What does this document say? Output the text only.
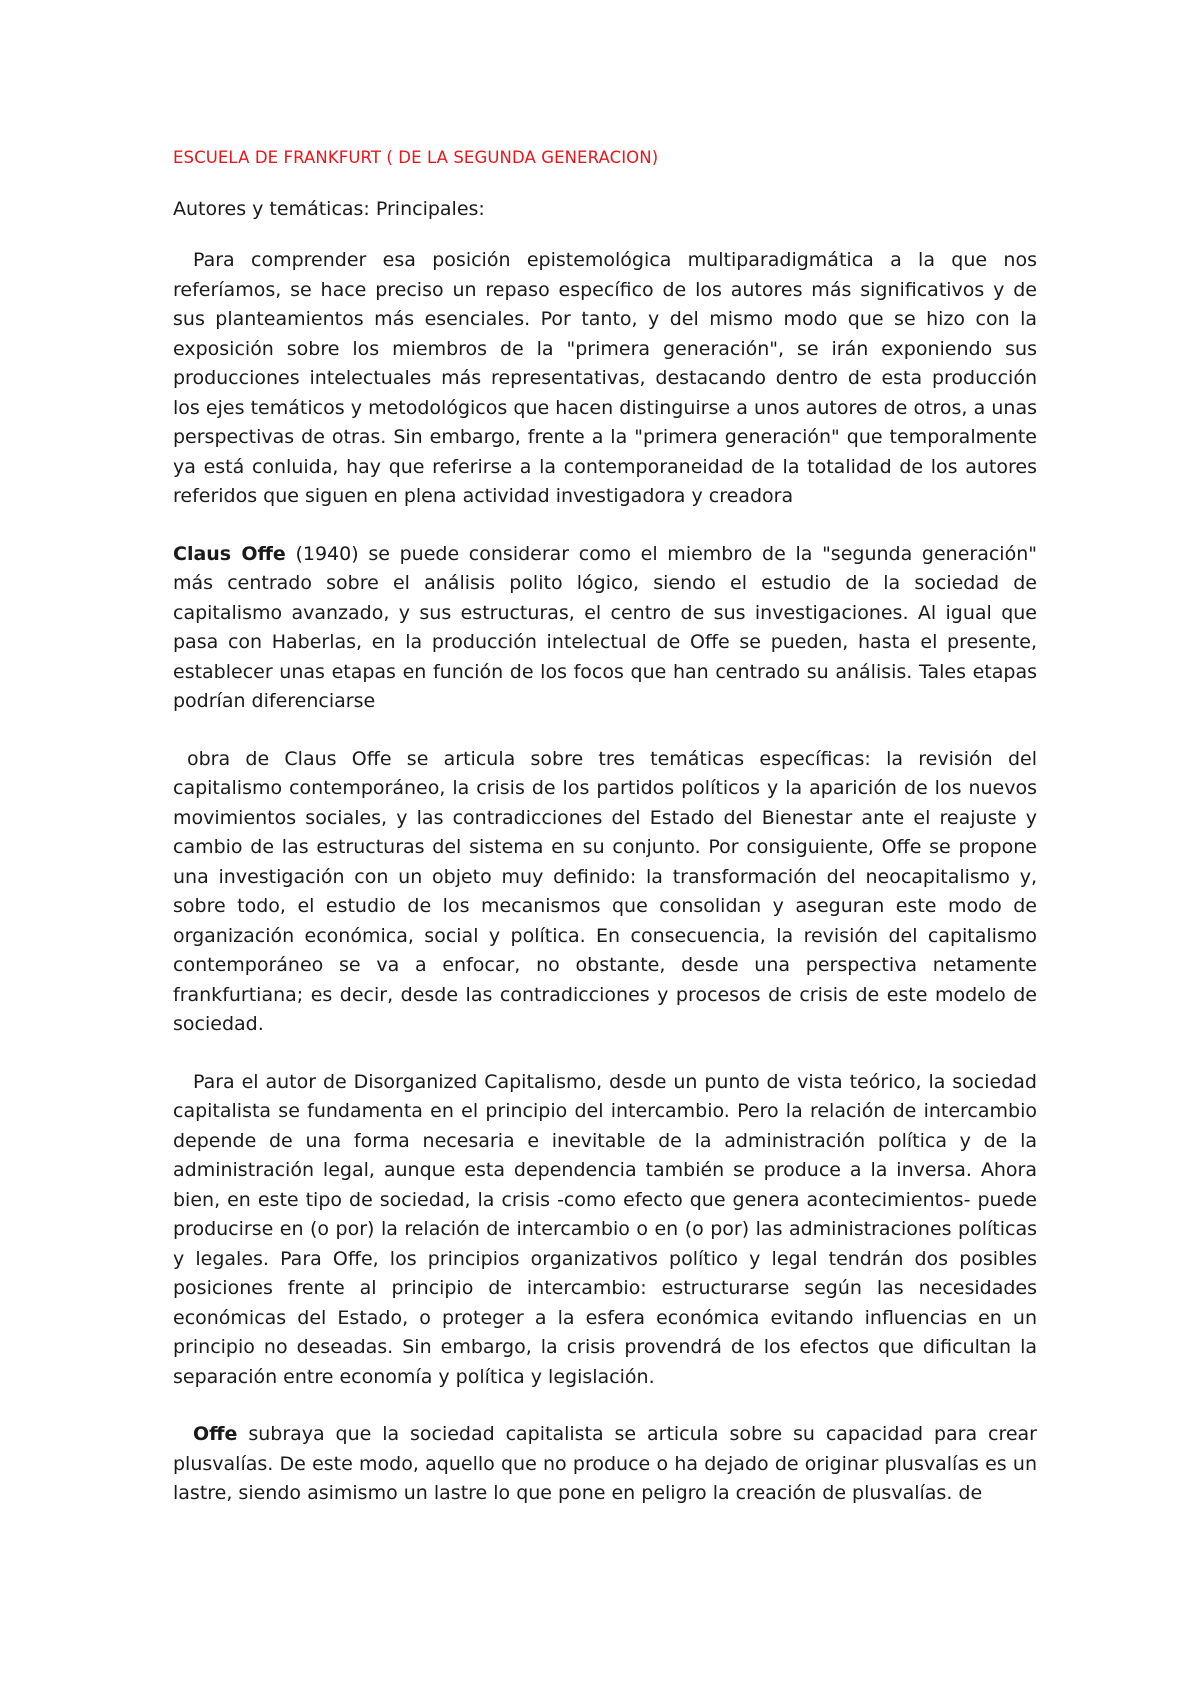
ESCUELA DE FRANKFURT ( DE LA SEGUNDA GENERACION)
Autores y temáticas: Principales:

Para comprender esa posición epistemológica multiparadigmática a la que nos referíamos, se hace preciso un repaso específico de los autores más significativos y de sus planteamientos más esenciales. Por tanto, y del mismo modo que se hizo con la exposición sobre los miembros de la "primera generación", se irán exponiendo sus producciones intelectuales más representativas, destacando dentro de esta producción los ejes temáticos y metodológicos que hacen distinguirse a unos autores de otros, a unas perspectivas de otras. Sin embargo, frente a la "primera generación" que temporalmente ya está conluida, hay que referirse a la contemporaneidad de la totalidad de los autores referidos que siguen en plena actividad investigadora y creadora

Claus Offe (1940) se puede considerar como el miembro de la "segunda generación" más centrado sobre el análisis polito lógico, siendo el estudio de la sociedad de capitalismo avanzado, y sus estructuras, el centro de sus investigaciones. Al igual que pasa con Haberlas, en la producción intelectual de Offe se pueden, hasta el presente, establecer unas etapas en función de los focos que han centrado su análisis. Tales etapas podrían diferenciarse

obra de Claus Offe se articula sobre tres temáticas específicas: la revisión del capitalismo contemporáneo, la crisis de los partidos políticos y la aparición de los nuevos movimientos sociales, y las contradicciones del Estado del Bienestar ante el reajuste y cambio de las estructuras del sistema en su conjunto. Por consiguiente, Offe se propone una investigación con un objeto muy definido: la transformación del neocapitalismo y, sobre todo, el estudio de los mecanismos que consolidan y aseguran este modo de organización económica, social y política. En consecuencia, la revisión del capitalismo contemporáneo se va a enfocar, no obstante, desde una perspectiva netamente frankfurtiana; es decir, desde las contradicciones y procesos de crisis de este modelo de sociedad.

Para el autor de Disorganized Capitalismo, desde un punto de vista teórico, la sociedad capitalista se fundamenta en el principio del intercambio. Pero la relación de intercambio depende de una forma necesaria e inevitable de la administración política y de la administración legal, aunque esta dependencia también se produce a la inversa. Ahora bien, en este tipo de sociedad, la crisis -como efecto que genera acontecimientos- puede producirse en (o por) la relación de intercambio o en (o por) las administraciones políticas y legales. Para Offe, los principios organizativos político y legal tendrán dos posibles posiciones frente al principio de intercambio: estructurarse según las necesidades económicas del Estado, o proteger a la esfera económica evitando influencias en un principio no deseadas. Sin embargo, la crisis provendrá de los efectos que dificultan la separación entre economía y política y legislación.

Offe subraya que la sociedad capitalista se articula sobre su capacidad para crear plusvalías. De este modo, aquello que no produce o ha dejado de originar plusvalías es un lastre, siendo asimismo un lastre lo que pone en peligro la creación de plusvalías. de
